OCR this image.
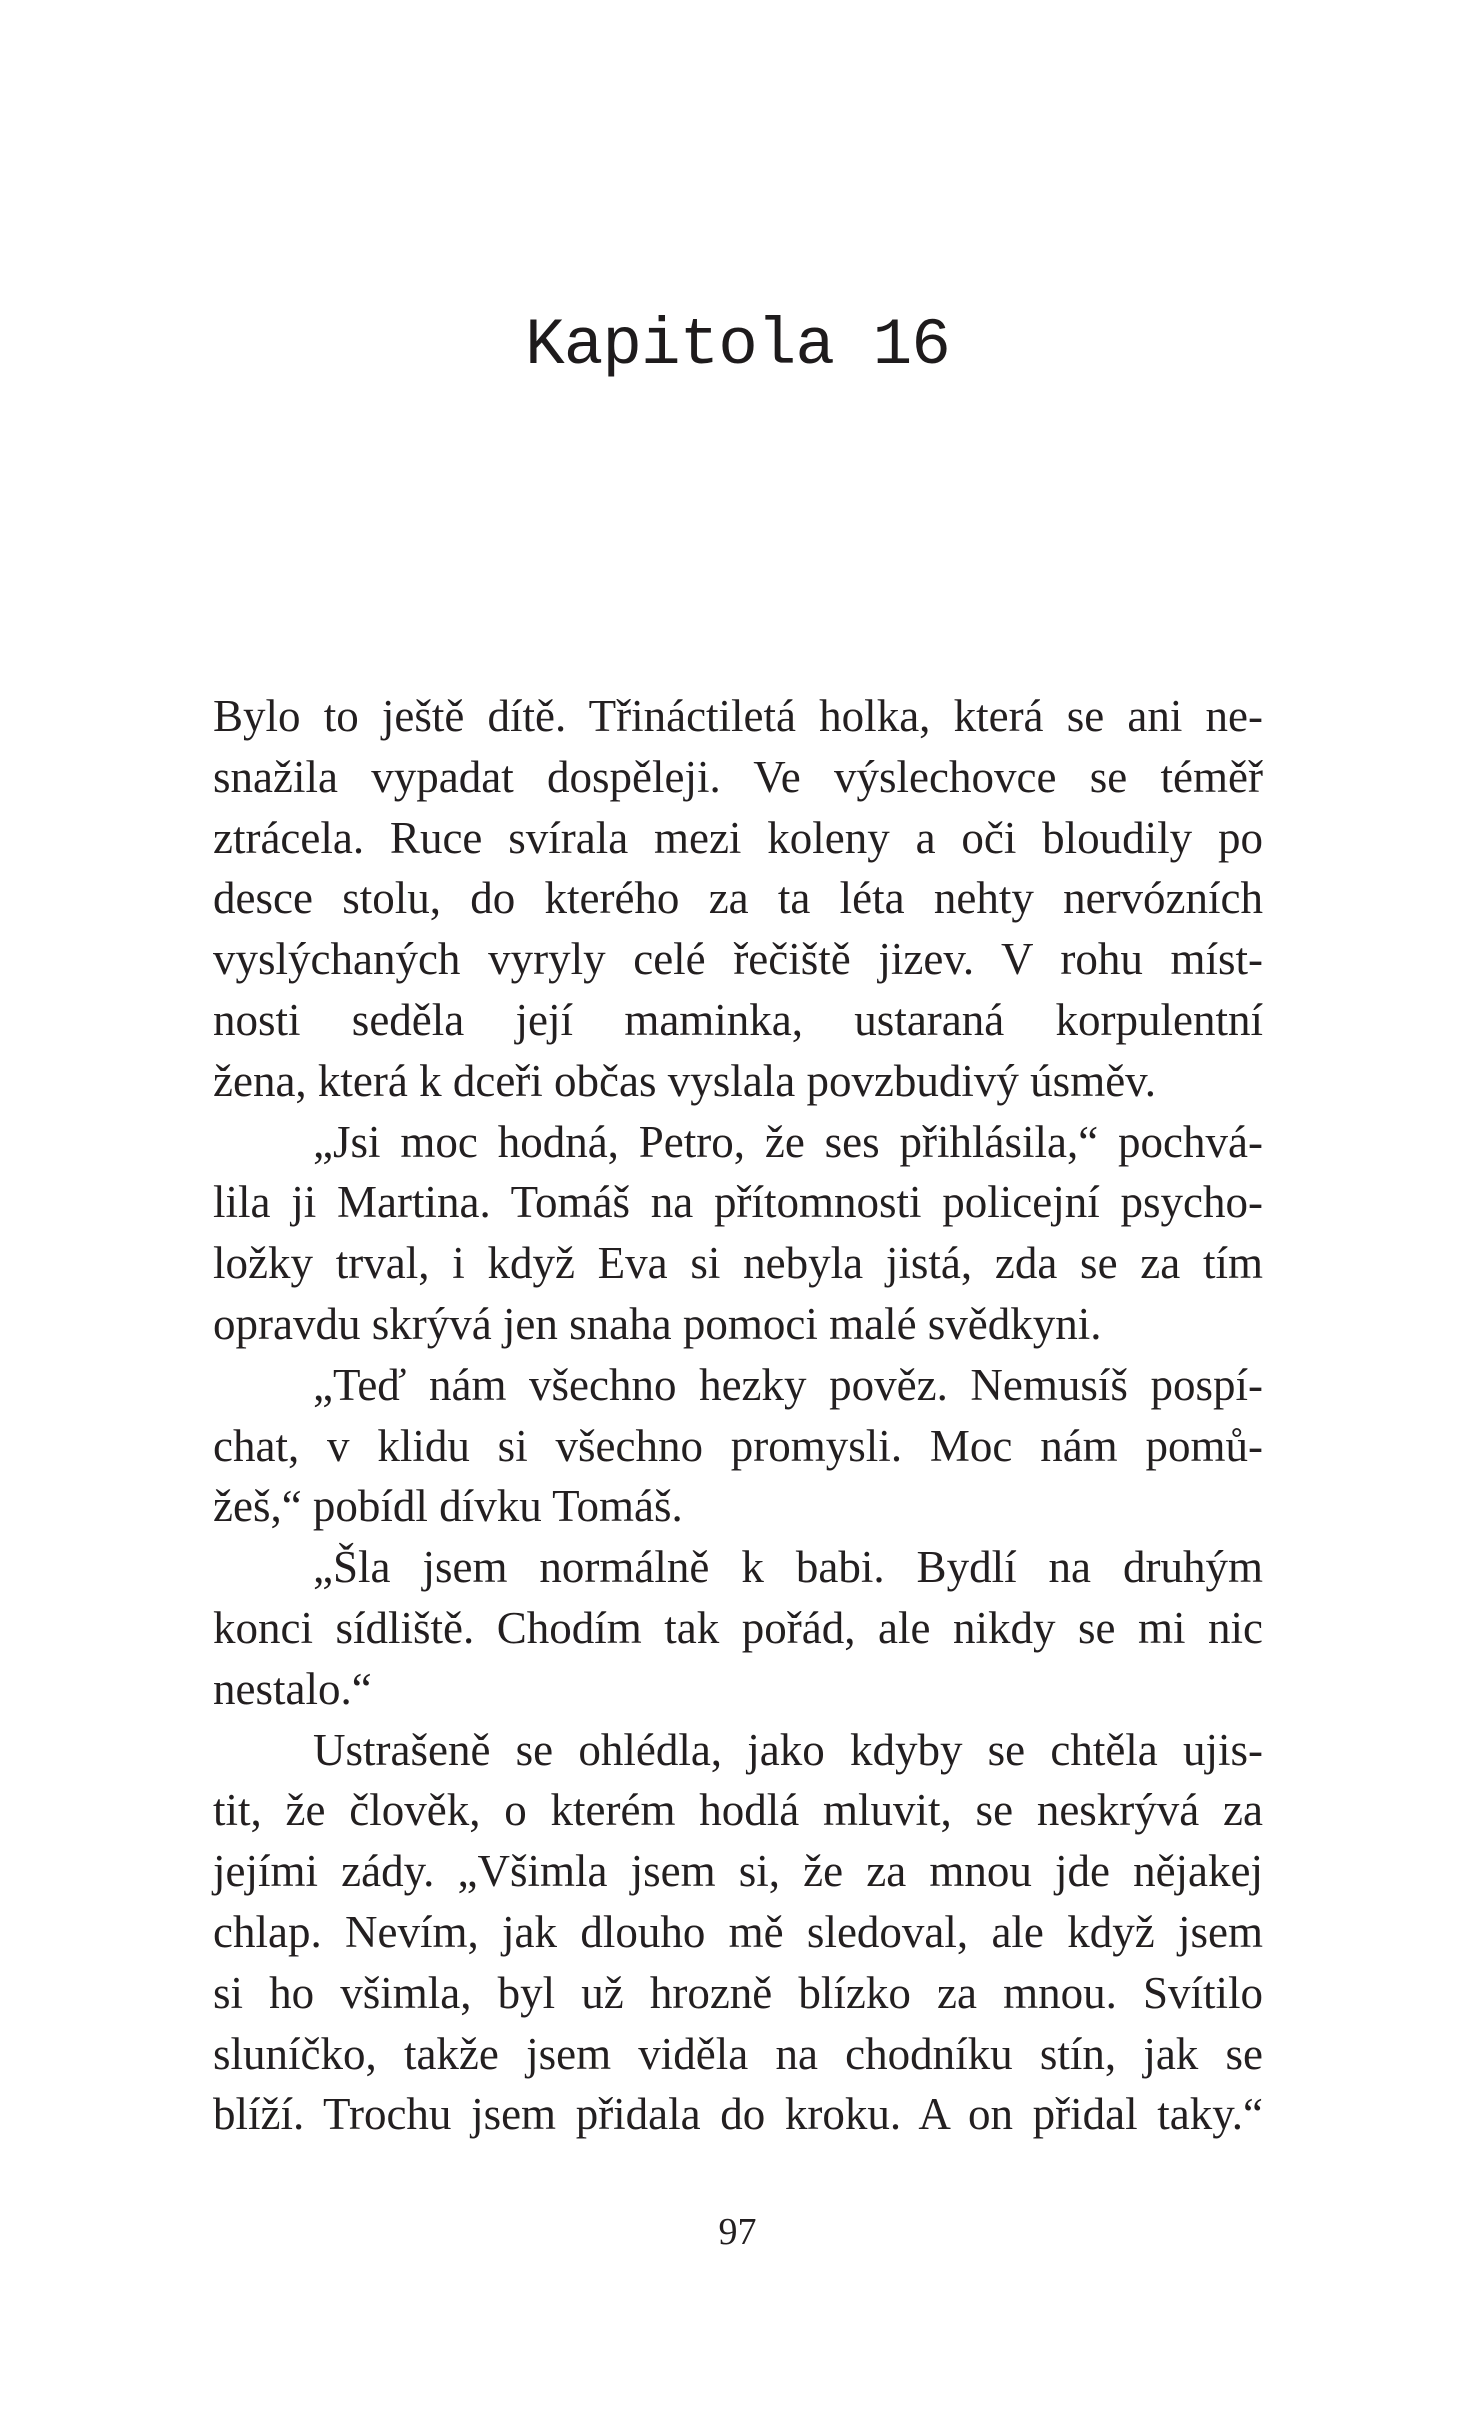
Kapitola 16
Bylo to ještě dítě. Třináctiletá holka, která se ani ne-
snažila vypadat dospěleji. Ve výslechovce se téměř
ztrácela. Ruce svírala mezi koleny a oči bloudily po
desce stolu, do kterého za ta léta nehty nervózních
vyslýchaných vyryly celé řečiště jizev. V rohu míst-
nosti seděla její maminka, ustaraná korpulentní
žena, která k dceři občas vyslala povzbudivý úsměv.
„Jsi moc hodná, Petro, že ses přihlásila,“ pochvá-
lila ji Martina. Tomáš na přítomnosti policejní psycho-
ložky trval, i když Eva si nebyla jistá, zda se za tím
opravdu skrývá jen snaha pomoci malé svědkyni.
„Teď nám všechno hezky pověz. Nemusíš pospí-
chat, v klidu si všechno promysli. Moc nám pomů-
žeš,“ pobídl dívku Tomáš.
„Šla jsem normálně k babi. Bydlí na druhým
konci sídliště. Chodím tak pořád, ale nikdy se mi nic
nestalo.“
Ustrašeně se ohlédla, jako kdyby se chtěla ujis-
tit, že člověk, o kterém hodlá mluvit, se neskrývá za
jejími zády. „Všimla jsem si, že za mnou jde nějakej
chlap. Nevím, jak dlouho mě sledoval, ale když jsem
si ho všimla, byl už hrozně blízko za mnou. Svítilo
sluníčko, takže jsem viděla na chodníku stín, jak se
blíží. Trochu jsem přidala do kroku. A on přidal taky.“
97
